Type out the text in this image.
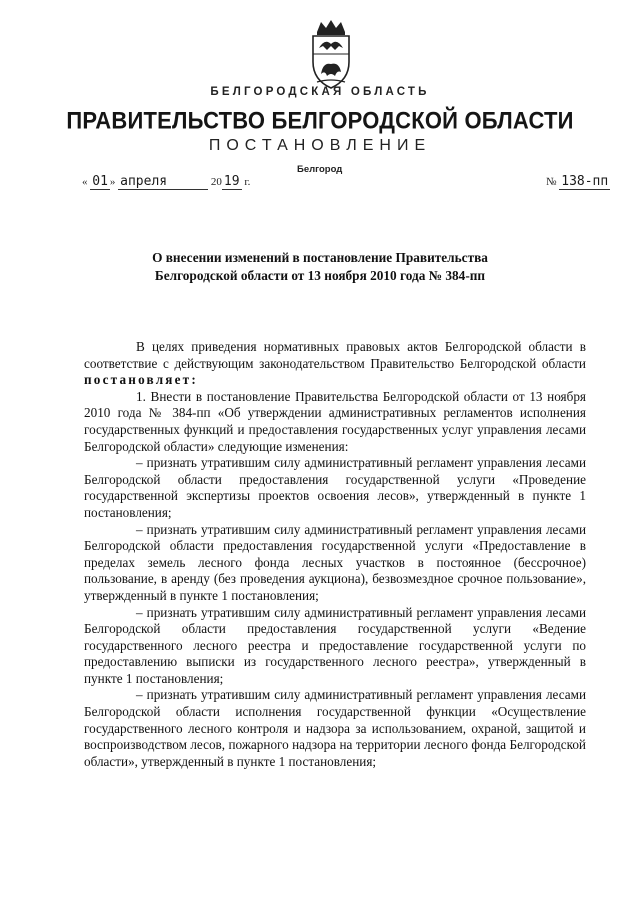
БЕЛГОРОДСКАЯ ОБЛАСТЬ
ПРАВИТЕЛЬСТВО БЕЛГОРОДСКОЙ ОБЛАСТИ
ПОСТАНОВЛЕНИЕ
Белгород
« 01 » апреля	20 19 г.	№ 138-пп
О внесении изменений в постановление Правительства
Белгородской области от 13 ноября 2010 года № 384-пп

В целях приведения нормативных правовых актов Белгородской области в соответствие с действующим законодательством Правительство Белгородской области постановляет:

1. Внести в постановление Правительства Белгородской области от 13 ноября 2010 года № 384-пп «Об утверждении административных регламентов исполнения государственных функций и предоставления государственных услуг управления лесами Белгородской области» следующие изменения:

– признать утратившим силу административный регламент управления лесами Белгородской области предоставления государственной услуги «Проведение государственной экспертизы проектов освоения лесов», утвержденный в пункте 1 постановления;

– признать утратившим силу административный регламент управления лесами Белгородской области предоставления государственной услуги «Предоставление в пределах земель лесного фонда лесных участков в постоянное (бессрочное) пользование, в аренду (без проведения аукциона), безвозмездное срочное пользование», утвержденный в пункте 1 постановления;

– признать утратившим силу административный регламент управления лесами Белгородской области предоставления государственной услуги «Ведение государственного лесного реестра и предоставление государственной услуги по предоставлению выписки из государственного лесного реестра», утвержденный в пункте 1 постановления;

– признать утратившим силу административный регламент управления лесами Белгородской области исполнения государственной функции «Осуществление государственного лесного контроля и надзора за использованием, охраной, защитой и воспроизводством лесов, пожарного надзора на территории лесного фонда Белгородской области», утвержденный в пункте 1 постановления;
